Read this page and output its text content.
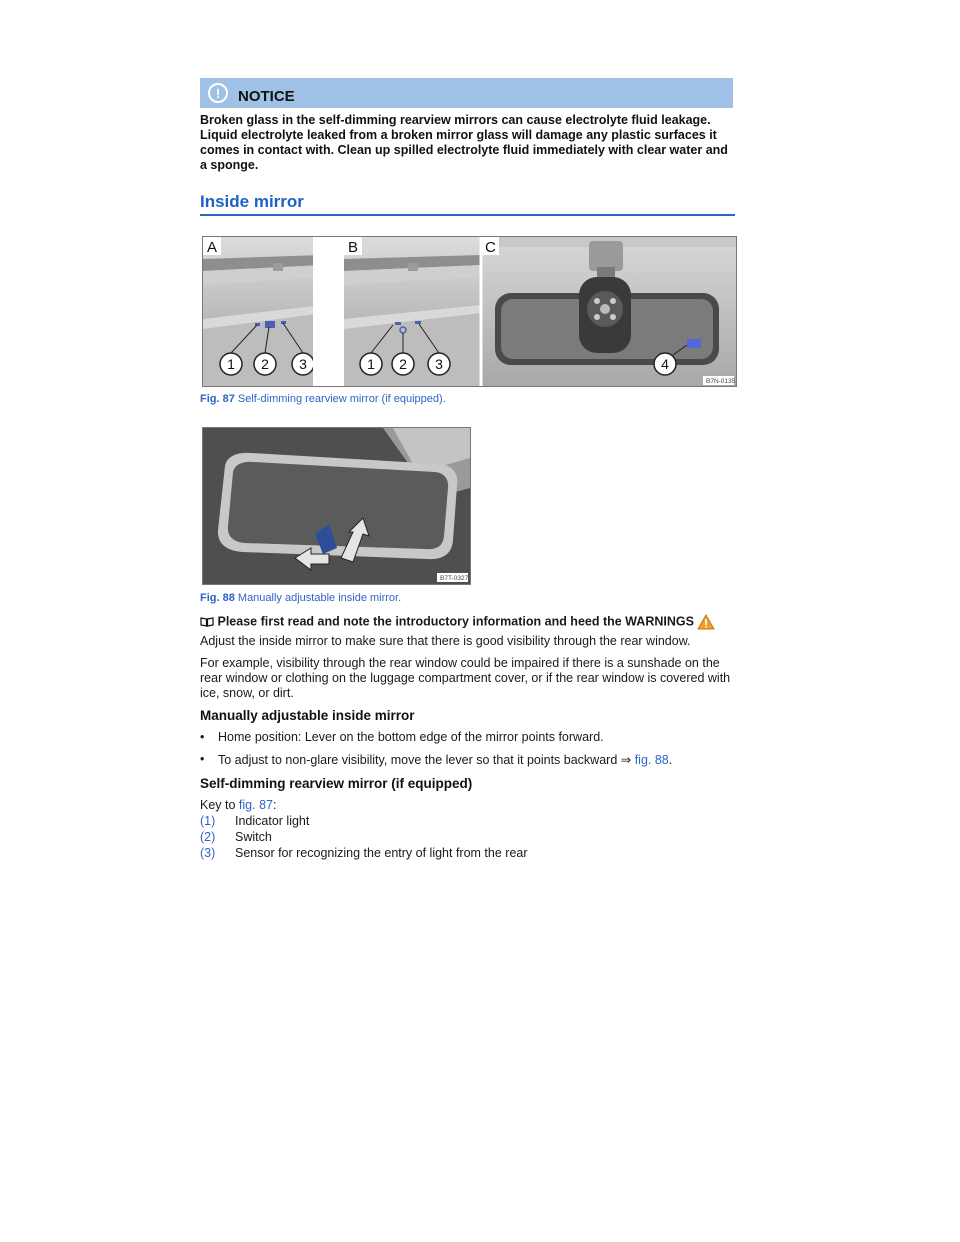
!	NOTICE
Broken glass in the self-dimming rearview mirrors can cause electrolyte fluid leakage. Liquid electrolyte leaked from a broken mirror glass will damage any plastic surfaces it comes in contact with. Clean up spilled electrolyte fluid immediately with clear water and a sponge.
Inside mirror
A	B	C
1 2 3	1 2 3	4
B7N-0135
Fig. 87 Self-dimming rearview mirror (if equipped).
B7T-0327
Fig. 88 Manually adjustable inside mirror.
Please first read and note the introductory information and heed the WARNINGS
Adjust the inside mirror to make sure that there is good visibility through the rear window.
For example, visibility through the rear window could be impaired if there is a sunshade on the rear window or clothing on the luggage compartment cover, or if the rear window is covered with ice, snow, or dirt.
Manually adjustable inside mirror
• Home position: Lever on the bottom edge of the mirror points forward.
• To adjust to non-glare visibility, move the lever so that it points backward ⇒ fig. 88.
Self-dimming rearview mirror (if equipped)
Key to fig. 87:
(1) Indicator light
(2) Switch
(3) Sensor for recognizing the entry of light from the rear
